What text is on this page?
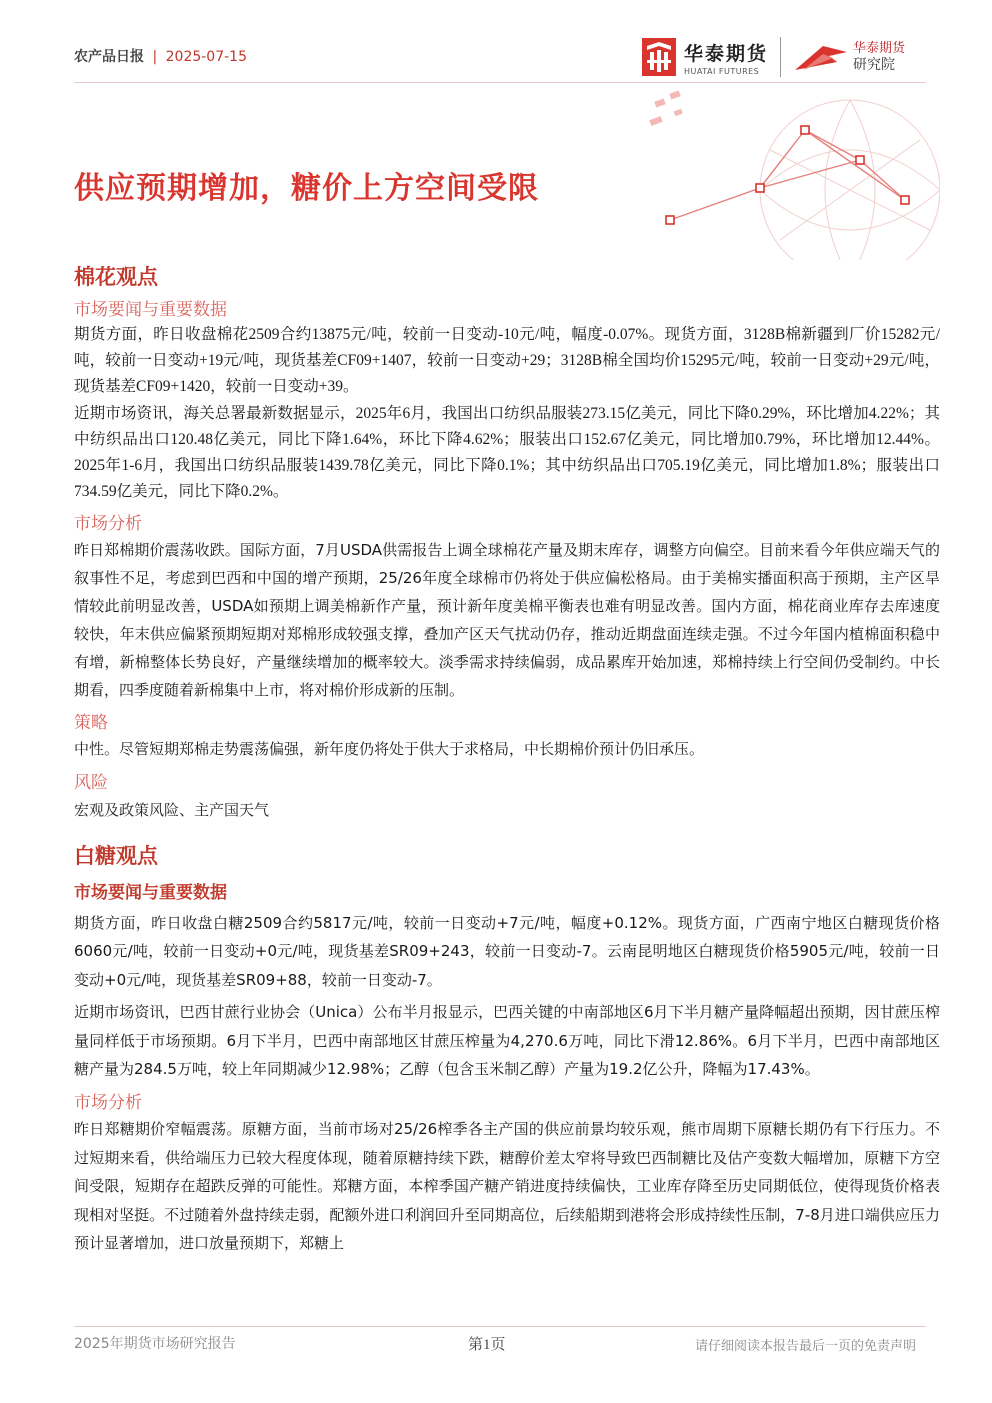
农产品日报 | 2025-07-15	华泰期货
HUATAI FUTURES
华泰期货
研究院
供应预期增加，糖价上方空间受限
棉花观点
市场要闻与重要数据

期货方面，昨日收盘棉花2509合约13875元/吨，较前一日变动-10元/吨，幅度-0.07%。现货方面，3128B棉新疆到厂价15282元/吨，较前一日变动+19元/吨，现货基差CF09+1407，较前一日变动+29；3128B棉全国均价15295元/吨，较前一日变动+29元/吨，现货基差CF09+1420，较前一日变动+39。

近期市场资讯，海关总署最新数据显示，2025年6月，我国出口纺织品服装273.15亿美元，同比下降0.29%，环比增加4.22%；其中纺织品出口120.48亿美元，同比下降1.64%，环比下降4.62%；服装出口152.67亿美元，同比增加0.79%，环比增加12.44%。2025年1-6月，我国出口纺织品服装1439.78亿美元，同比下降0.1%；其中纺织品出口705.19亿美元，同比增加1.8%；服装出口734.59亿美元，同比下降0.2%。

市场分析

昨日郑棉期价震荡收跌。国际方面，7月USDA供需报告上调全球棉花产量及期末库存，调整方向偏空。目前来看今年供应端天气的叙事性不足，考虑到巴西和中国的增产预期，25/26年度全球棉市仍将处于供应偏松格局。由于美棉实播面积高于预期，主产区旱情较此前明显改善，USDA如预期上调美棉新作产量，预计新年度美棉平衡表也难有明显改善。国内方面，棉花商业库存去库速度较快，年末供应偏紧预期短期对郑棉形成较强支撑，叠加产区天气扰动仍存，推动近期盘面连续走强。不过今年国内植棉面积稳中有增，新棉整体长势良好，产量继续增加的概率较大。淡季需求持续偏弱，成品累库开始加速，郑棉持续上行空间仍受制约。中长期看，四季度随着新棉集中上市，将对棉价形成新的压制。

策略

中性。尽管短期郑棉走势震荡偏强，新年度仍将处于供大于求格局，中长期棉价预计仍旧承压。

风险
宏观及政策风险、主产国天气
白糖观点
市场要闻与重要数据

期货方面，昨日收盘白糖2509合约5817元/吨，较前一日变动+7元/吨，幅度+0.12%。现货方面，广西南宁地区白糖现货价格6060元/吨，较前一日变动+0元/吨，现货基差SR09+243，较前一日变动-7。云南昆明地区白糖现货价格5905元/吨，较前一日变动+0元/吨，现货基差SR09+88，较前一日变动-7。

近期市场资讯，巴西甘蔗行业协会（Unica）公布半月报显示，巴西关键的中南部地区6月下半月糖产量降幅超出预期，因甘蔗压榨量同样低于市场预期。6月下半月，巴西中南部地区甘蔗压榨量为4,270.6万吨，同比下滑12.86%。6月下半月，巴西中南部地区糖产量为284.5万吨，较上年同期减少12.98%；乙醇（包含玉米制乙醇）产量为19.2亿公升，降幅为17.43%。

市场分析

昨日郑糖期价窄幅震荡。原糖方面，当前市场对25/26榨季各主产国的供应前景均较乐观，熊市周期下原糖长期仍有下行压力。不过短期来看，供给端压力已较大程度体现，随着原糖持续下跌，糖醇价差太窄将导致巴西制糖比及估产变数大幅增加，原糖下方空间受限，短期存在超跌反弹的可能性。郑糖方面，本榨季国产糖产销进度持续偏快，工业库存降至历史同期低位，使得现货价格表现相对坚挺。不过随着外盘持续走弱，配额外进口利润回升至同期高位，后续船期到港将会形成持续性压制，7-8月进口端供应压力预计显著增加，进口放量预期下，郑糖上

2025年期货市场研究报告	第1页	请仔细阅读本报告最后一页的免责声明
